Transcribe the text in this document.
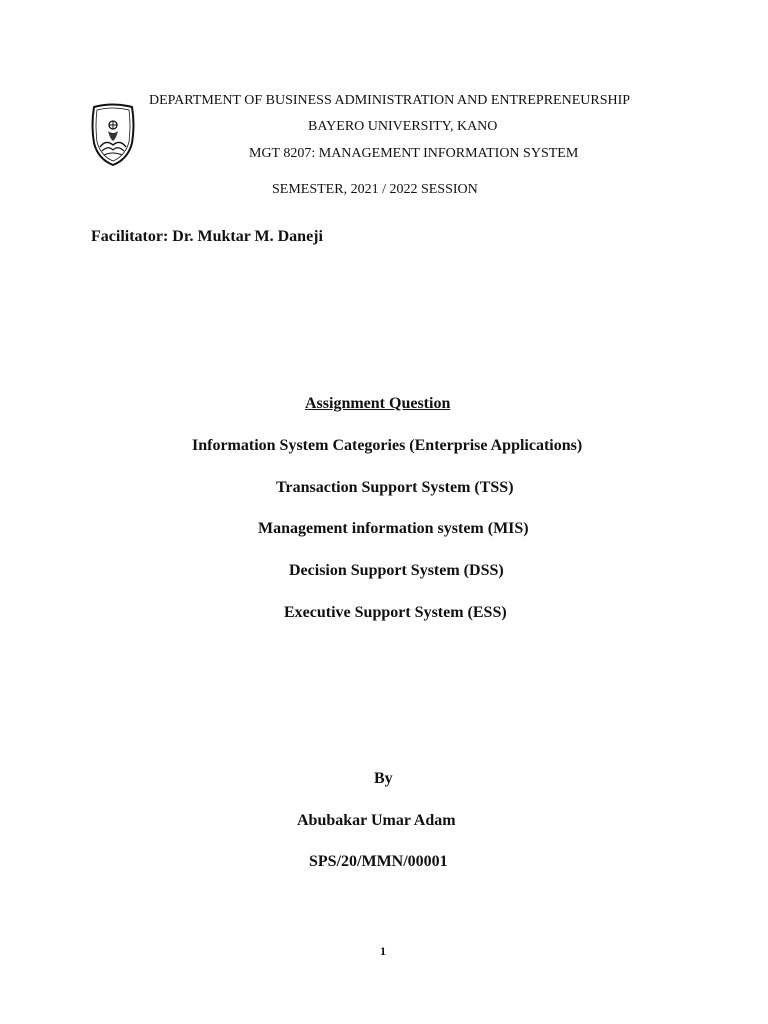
DEPARTMENT OF BUSINESS ADMINISTRATION AND ENTREPRENEURSHIP
BAYERO UNIVERSITY, KANO
MGT 8207: MANAGEMENT INFORMATION SYSTEM
SEMESTER, 2021 / 2022 SESSION
Facilitator: Dr. Muktar M. Daneji
Assignment Question
Information System Categories (Enterprise Applications)
Transaction Support System (TSS)
Management information system (MIS)
Decision Support System (DSS)
Executive Support System (ESS)
By
Abubakar Umar Adam
SPS/20/MMN/00001
1
